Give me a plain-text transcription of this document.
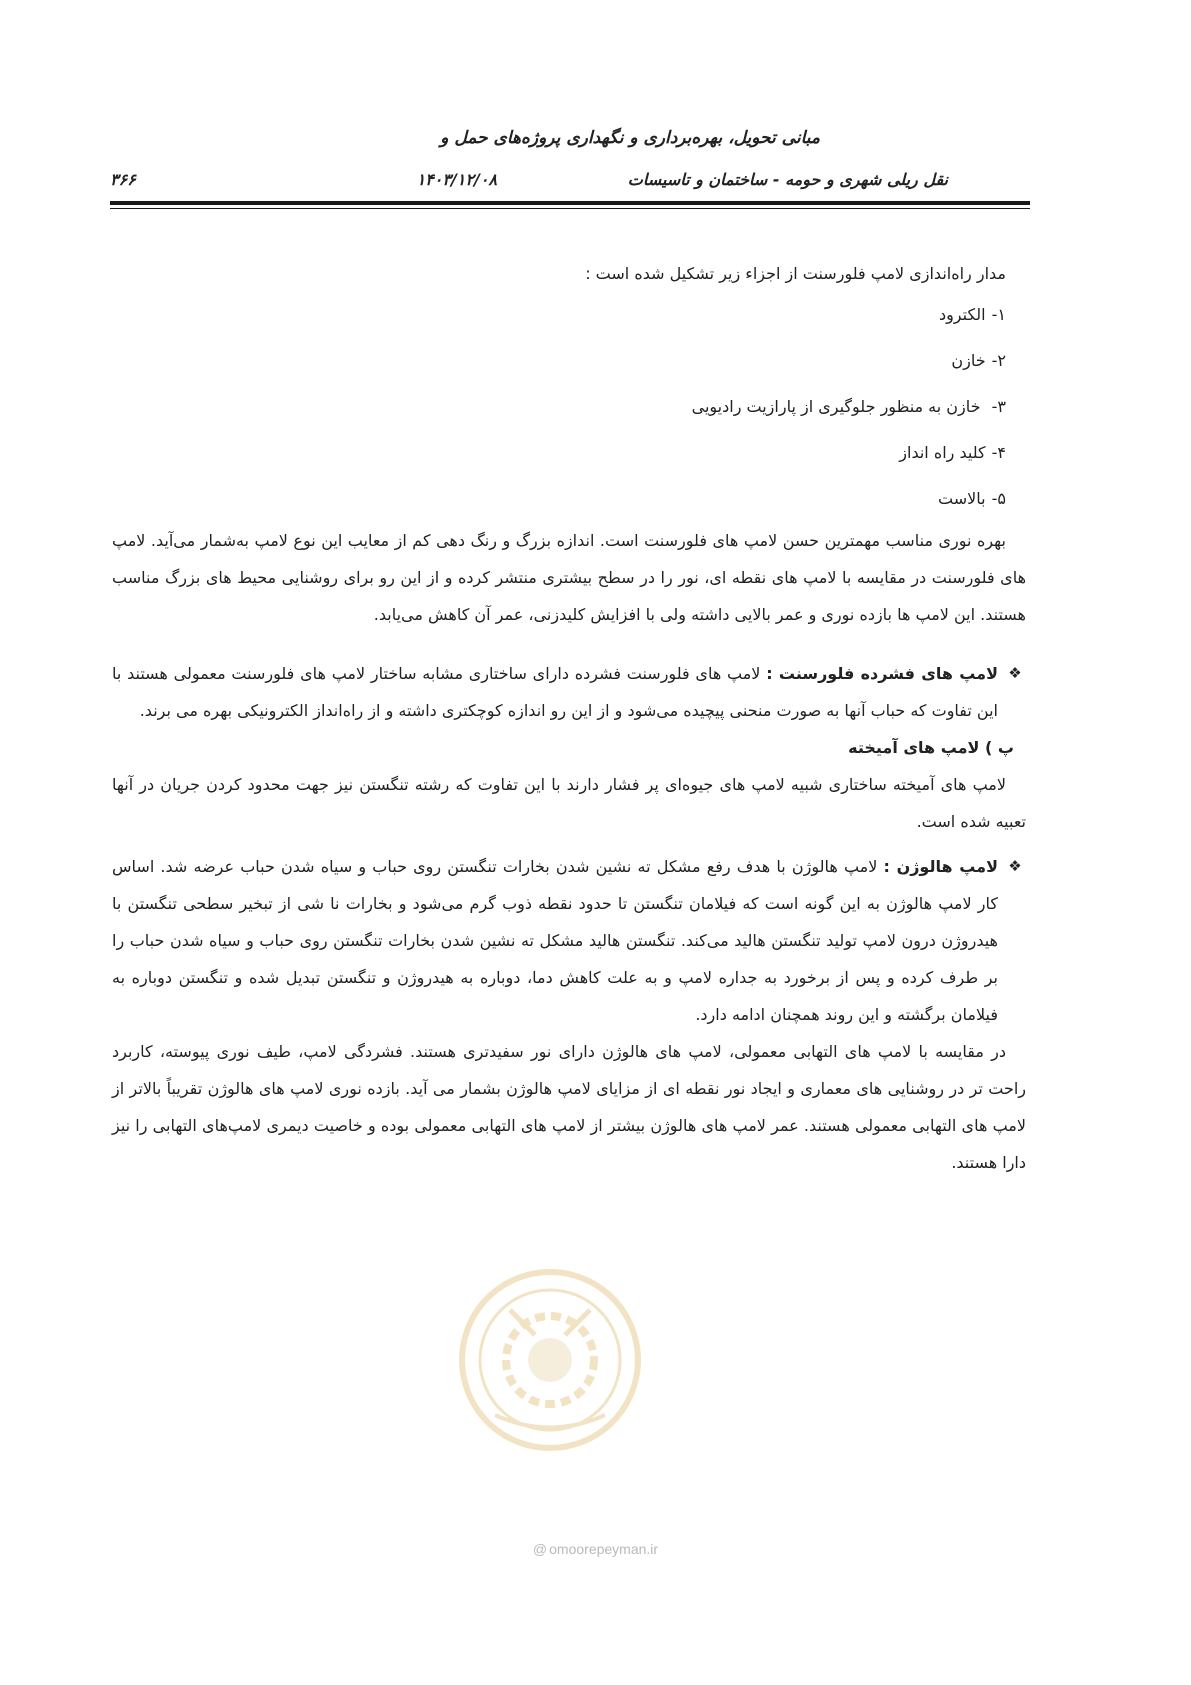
مبانی تحویل، بهره‌برداری و نگهداری پروژه‌های حمل و
نقل ریلی شهری و حومه - ساختمان و تاسیسات
۱۴۰۳/۱۲/۰۸
۳۶۶

مدار راه‌اندازی لامپ فلورسنت از اجزاء زیر تشکیل شده است :

۱-الکترود

۲-خازن

۳- خازن به منظور جلوگیری از پارازیت رادیویی

۴-کلید راه انداز

۵-بالاست

بهره نوری مناسب مهمترین حسن لامپ های فلورسنت است. اندازه بزرگ و رنگ دهی کم از معایب این نوع لامپ به‌شمار می‌آید. لامپ های فلورسنت در مقایسه با لامپ های نقطه ای، نور را در سطح بیشتری منتشر کرده و از این رو برای روشنایی محیط های بزرگ مناسب هستند. این لامپ ها بازده نوری و عمر بالایی داشته ولی با افزایش کلیدزنی، عمر آن کاهش می‌یابد.

❖
لامپ های فشرده فلورسنت : لامپ های فلورسنت فشرده دارای ساختاری مشابه ساختار لامپ های فلورسنت معمولی هستند با این تفاوت که حباب آنها به صورت منحنی پیچیده می‌شود و از این رو اندازه کوچکتری داشته و از راه‌انداز الکترونیکی بهره می برند.

پ ) لامپ های آمیخته

لامپ های آمیخته ساختاری شبیه لامپ های جیوه‌ای پر فشار دارند با این تفاوت که رشته تنگستن نیز جهت محدود کردن جریان در آنها تعبیه شده است.

❖
لامپ هالوژن : لامپ هالوژن با هدف رفع مشکل ته نشین شدن بخارات تنگستن روی حباب و سیاه شدن حباب عرضه شد. اساس کار لامپ هالوژن به این گونه است که فیلامان تنگستن تا حدود نقطه ذوب گرم می‌شود و بخارات نا شی از تبخیر سطحی تنگستن با هیدروژن درون لامپ تولید تنگستن هالید می‌کند. تنگستن هالید مشکل ته نشین شدن بخارات تنگستن روی حباب و سیاه شدن حباب را بر طرف کرده و پس از برخورد به جداره لامپ و به علت کاهش دما، دوباره به هیدروژن و تنگستن تبدیل شده و تنگستن دوباره به فیلامان برگشته و این روند همچنان ادامه دارد.

در مقایسه با لامپ های التهابی معمولی، لامپ های هالوژن دارای نور سفیدتری هستند. فشردگی لامپ، طیف نوری پیوسته، کاربرد راحت تر در روشنایی های معماری و ایجاد نور نقطه ای از مزایای لامپ هالوژن بشمار می آید. بازده نوری لامپ های هالوژن تقریباً بالاتر از لامپ های التهابی معمولی هستند. عمر لامپ های هالوژن بیشتر از لامپ های التهابی معمولی بوده و خاصیت دیمری لامپ‌های التهابی را نیز دارا هستند.

@ omoorepeyman.ir
